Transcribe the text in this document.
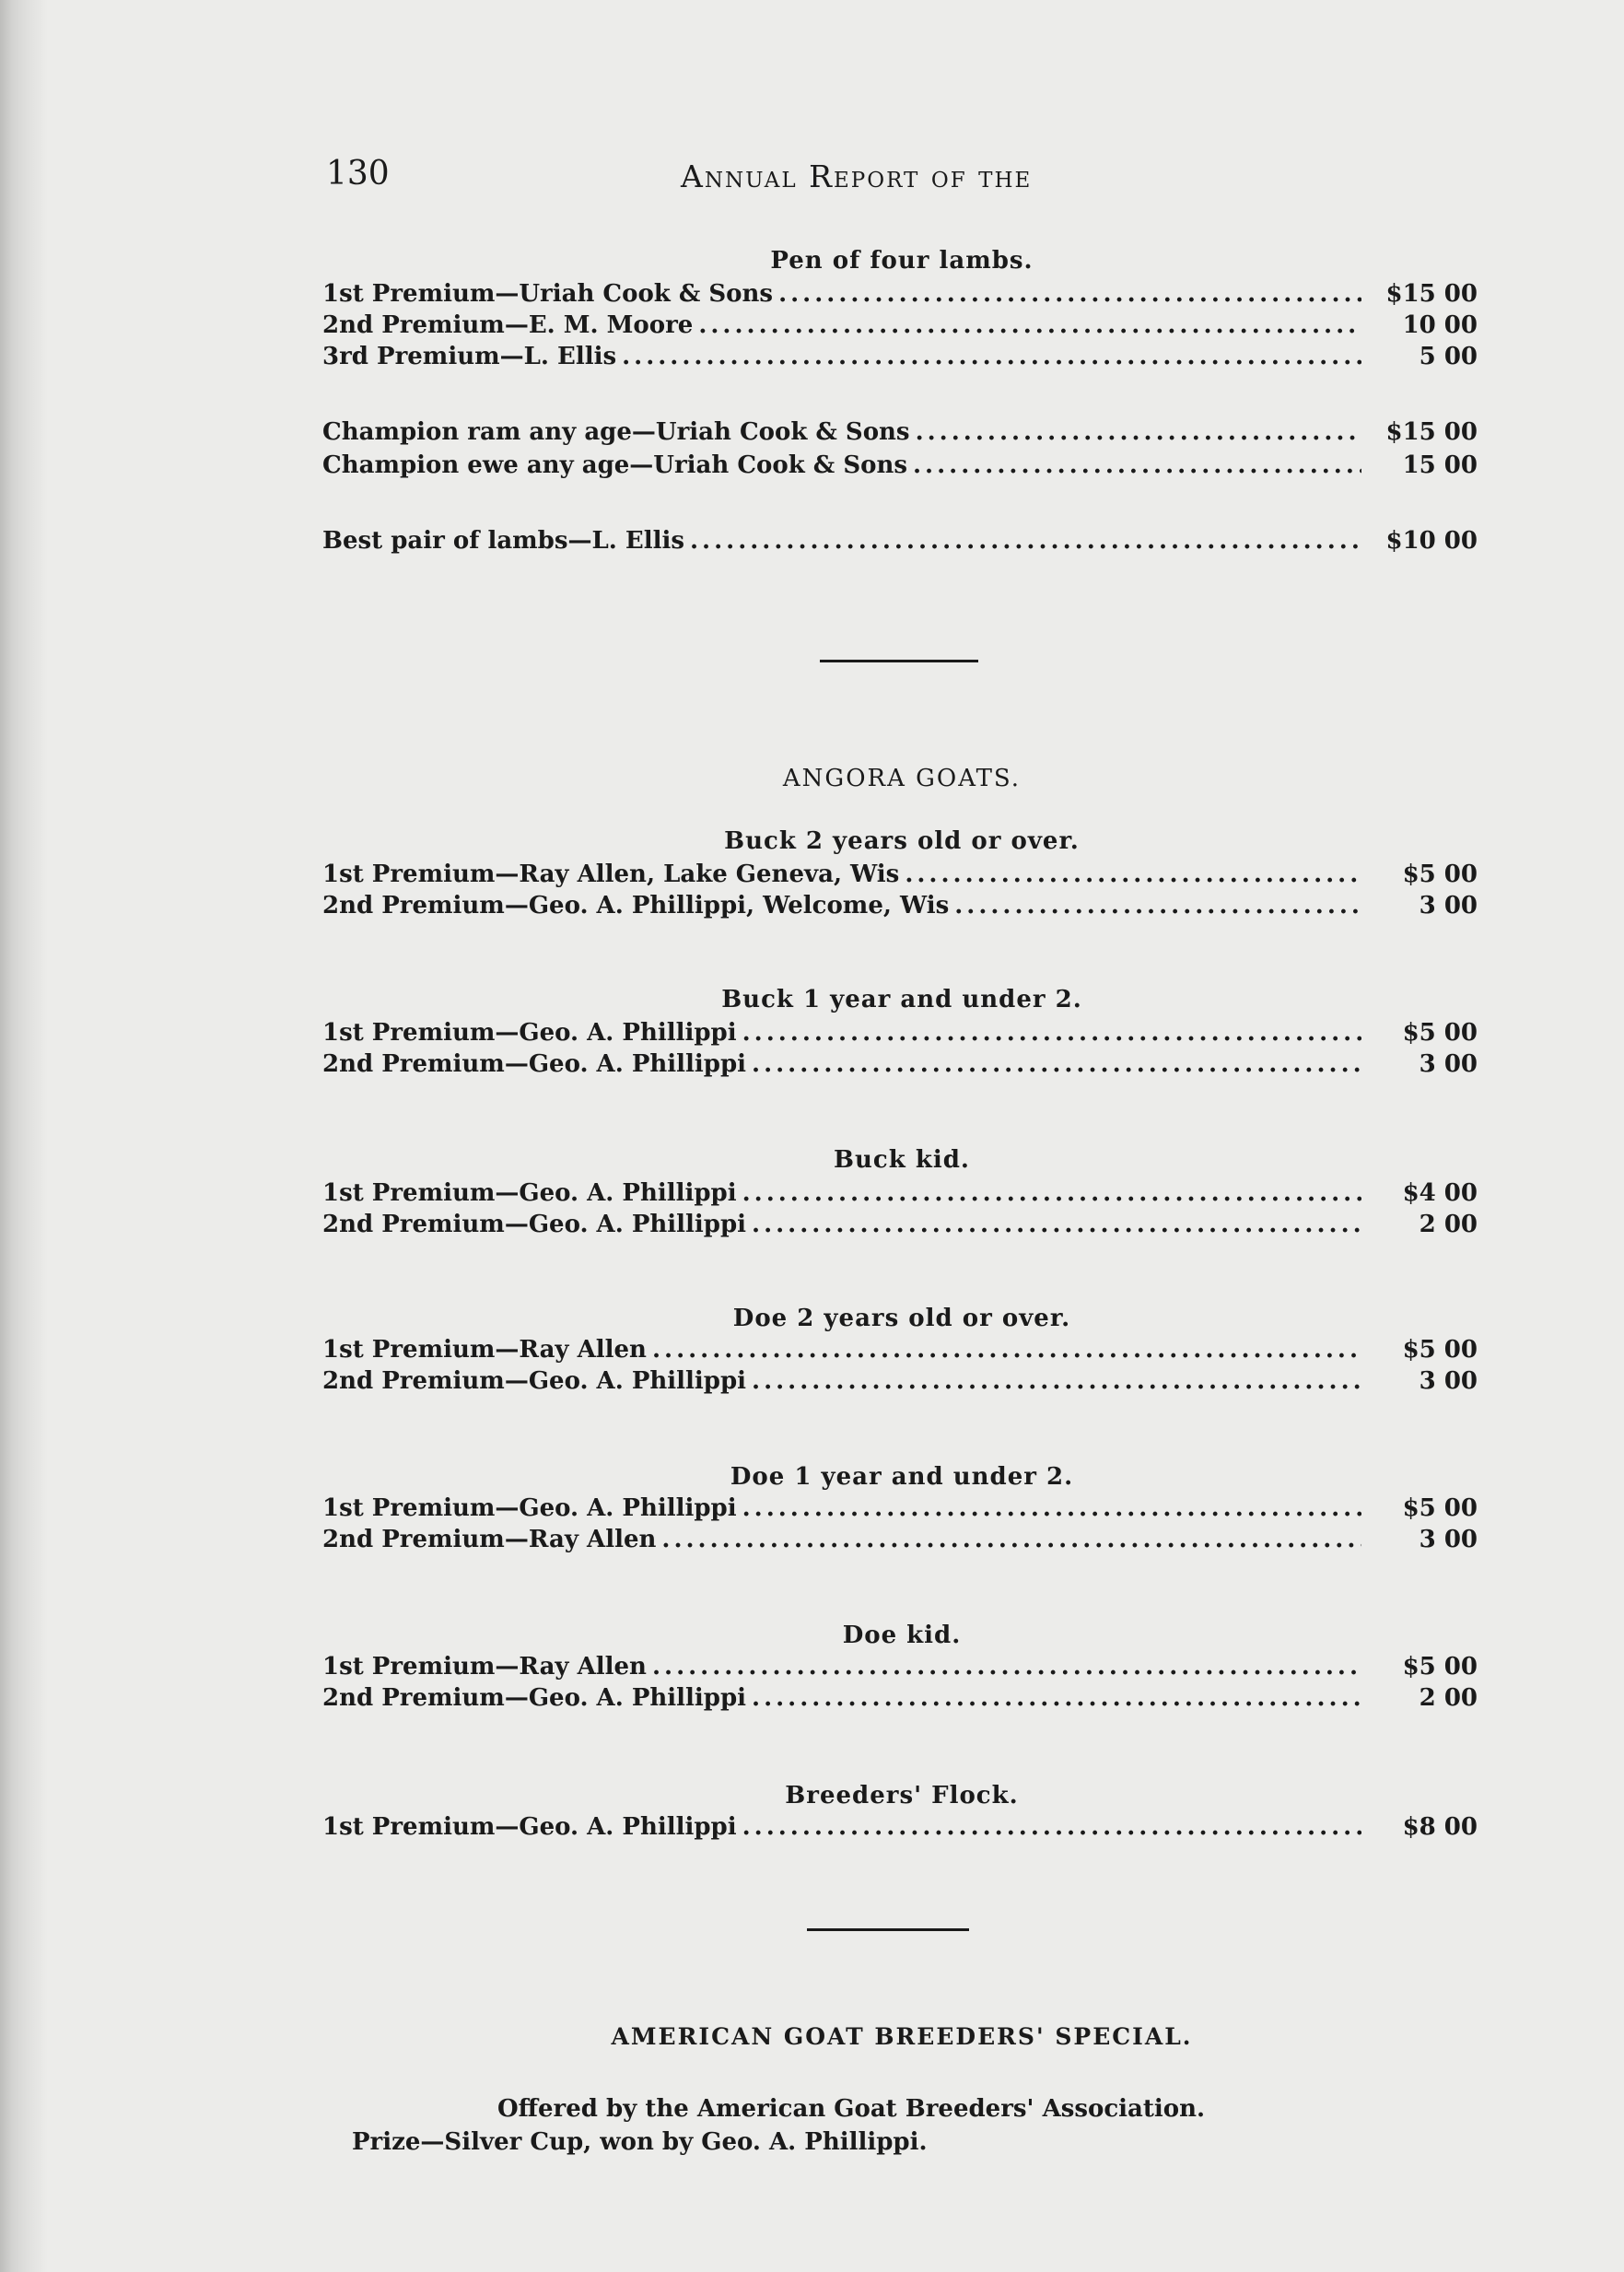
130	Annual Report of the
Pen of four lambs.
1st Premium—Uriah Cook & Sons .....	$15 00
2nd Premium—E. M. Moore .....	10 00
3rd Premium—L. Ellis .....	5 00
Champion ram any age—Uriah Cook & Sons .....	$15 00
Champion ewe any age—Uriah Cook & Sons .....	15 00
Best pair of lambs—L. Ellis .....	$10 00
ANGORA GOATS.
Buck 2 years old or over.
1st Premium—Ray Allen, Lake Geneva, Wis .....	$5 00
2nd Premium—Geo. A. Phillippi, Welcome, Wis .....	3 00
Buck 1 year and under 2.
1st Premium—Geo. A. Phillippi .....	$5 00
2nd Premium—Geo. A. Phillippi .....	3 00
Buck kid.
1st Premium—Geo. A. Phillippi .....	$4 00
2nd Premium—Geo. A. Phillippi .....	2 00
Doe 2 years old or over.
1st Premium—Ray Allen .....	$5 00
2nd Premium—Geo. A. Phillippi .....	3 00
Doe 1 year and under 2.
1st Premium—Geo. A. Phillippi .....	$5 00
2nd Premium—Ray Allen .....	3 00
Doe kid.
1st Premium—Ray Allen .....	$5 00
2nd Premium—Geo. A. Phillippi .....	2 00
Breeders' Flock.
1st Premium—Geo. A. Phillippi .....	$8 00
AMERICAN GOAT BREEDERS' SPECIAL.
Offered by the American Goat Breeders' Association.
Prize—Silver Cup, won by Geo. A. Phillippi.
